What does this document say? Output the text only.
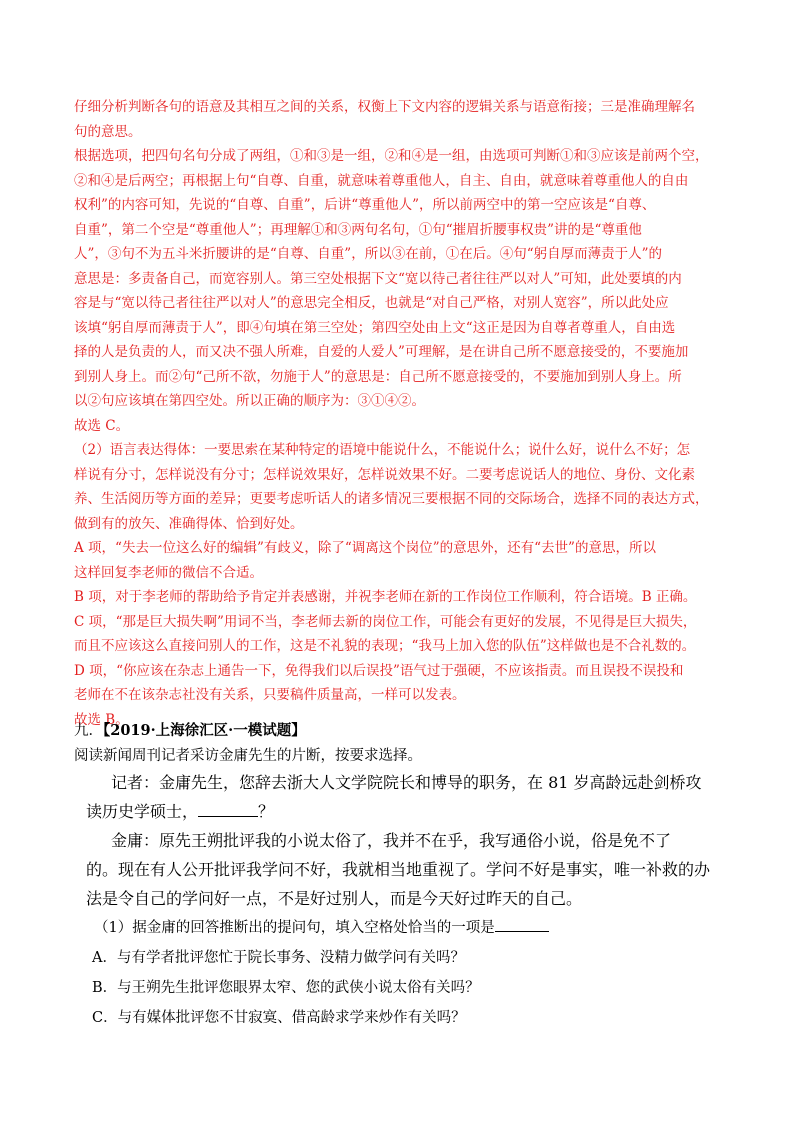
仔细分析判断各句的语意及其相互之间的关系，权衡上下文内容的逻辑关系与语意衔接；三是准确理解名

句的意思。

根据选项，把四句名句分成了两组，①和③是一组，②和④是一组，由选项可判断①和③应该是前两个空，

②和④是后两空；再根据上句“自尊、自重，就意味着尊重他人，自主、自由，就意味着尊重他人的自由

权利”的内容可知，先说的“自尊、自重”，后讲“尊重他人”，所以前两空中的第一空应该是“自尊、

自重”，第二个空是“尊重他人”；再理解①和③两句名句，①句“摧眉折腰事权贵”讲的是“尊重他

人”，③句不为五斗米折腰讲的是“自尊、自重”，所以③在前，①在后。④句“躬自厚而薄责于人”的

意思是：多责备自己，而宽容别人。第三空处根据下文“宽以待己者往往严以对人”可知，此处要填的内

容是与“宽以待己者往往严以对人”的意思完全相反，也就是“对自己严格，对别人宽容”，所以此处应

该填“躬自厚而薄责于人”，即④句填在第三空处；第四空处由上文“这正是因为自尊者尊重人，自由选

择的人是负责的人，而又决不强人所难，自爱的人爱人”可理解，是在讲自己所不愿意接受的，不要施加

到别人身上。而②句“己所不欲，勿施于人”的意思是：自己所不愿意接受的，不要施加到别人身上。所

以②句应该填在第四空处。所以正确的顺序为：③①④②。

故选 C。

（2）语言表达得体：一要思索在某种特定的语境中能说什么，不能说什么；说什么好，说什么不好；怎

样说有分寸，怎样说没有分寸；怎样说效果好，怎样说效果不好。二要考虑说话人的地位、身份、文化素

养、生活阅历等方面的差异；更要考虑听话人的诸多情况三要根据不同的交际场合，选择不同的表达方式，

做到有的放矢、准确得体、恰到好处。

A 项，“失去一位这么好的编辑”有歧义，除了“调离这个岗位”的意思外，还有“去世”的意思，所以

这样回复李老师的微信不合适。

B 项，对于李老师的帮助给予肯定并表感谢，并祝李老师在新的工作岗位工作顺利，符合语境。B 正确。

C 项，“那是巨大损失啊”用词不当，李老师去新的岗位工作，可能会有更好的发展，不见得是巨大损失，

而且不应该这么直接问别人的工作，这是不礼貌的表现；“我马上加入您的队伍”这样做也是不合礼数的。

D 项，“你应该在杂志上通告一下，免得我们以后误投”语气过于强硬，不应该指责。而且误投不误投和

老师在不在该杂志社没有关系，只要稿件质量高，一样可以发表。

故选 B。

九．【2019·上海徐汇区·一模试题】

阅读新闻周刊记者采访金庸先生的片断，按要求选择。

记者：金庸先生，您辞去浙大人文学院院长和博导的职务，在 81 岁高龄远赴剑桥攻

读历史学硕士，	？

金庸：原先王朔批评我的小说太俗了，我并不在乎，我写通俗小说，俗是免不了

的。现在有人公开批评我学问不好，我就相当地重视了。学问不好是事实，唯一补救的办

法是令自己的学问好一点，不是好过别人，而是今天好过昨天的自己。

（1）据金庸的回答推断出的提问句，填入空格处恰当的一项是

A．与有学者批评您忙于院长事务、没精力做学问有关吗？

B．与王朔先生批评您眼界太窄、您的武侠小说太俗有关吗？

C．与有媒体批评您不甘寂寞、借高龄求学来炒作有关吗？
